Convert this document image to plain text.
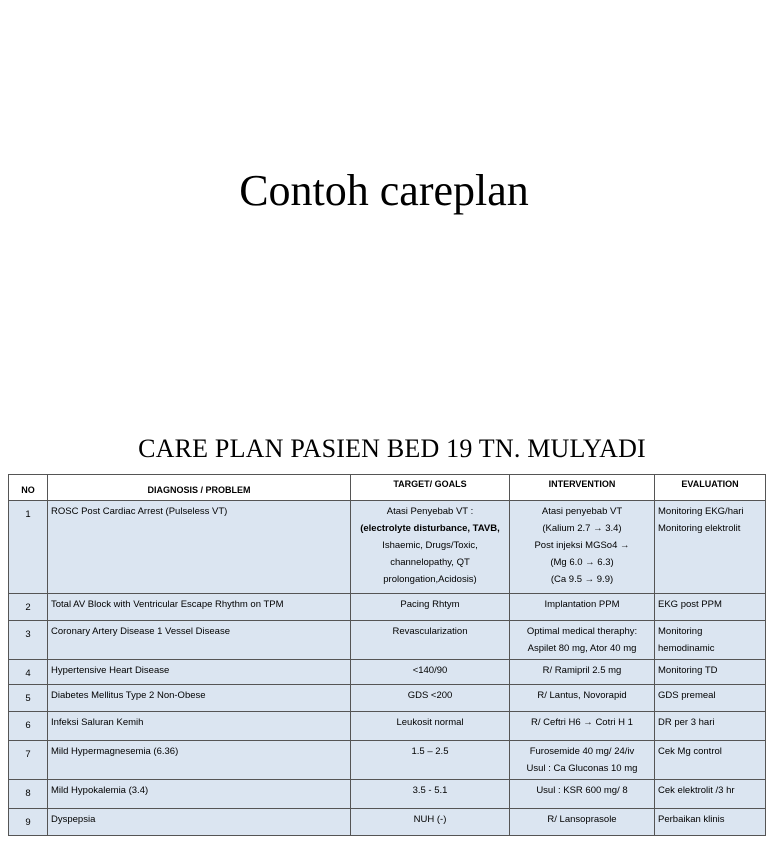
Contoh careplan
CARE PLAN PASIEN BED 19 TN. MULYADI
NO	DIAGNOSIS / PROBLEM	TARGET/ GOALS	INTERVENTION	EVALUATION
1	ROSC Post Cardiac Arrest (Pulseless VT)	Atasi Penyebab VT :
(electrolyte disturbance, TAVB,
Ishaemic, Drugs/Toxic,
channelopathy, QT
prolongation,Acidosis)	Atasi penyebab VT
(Kalium 2.7 → 3.4)
Post injeksi MGSo4 →
(Mg 6.0 → 6.3)
(Ca 9.5 → 9.9)	Monitoring EKG/hari
Monitoring elektrolit

2	Total AV Block with Ventricular Escape Rhythm on TPM	Pacing Rhtym	Implantation PPM	EKG post PPM

3	Coronary Artery Disease 1 Vessel Disease	Revascularization	Optimal medical theraphy:
Aspilet 80 mg, Ator 40 mg	Monitoring
hemodinamic

4	Hypertensive Heart Disease	<140/90	R/ Ramipril 2.5 mg	Monitoring TD

5	Diabetes Mellitus Type 2 Non-Obese	GDS <200	R/ Lantus, Novorapid	GDS premeal

6	Infeksi Saluran Kemih	Leukosit normal	R/ Ceftri H6 → Cotri H 1	DR per 3 hari

7	Mild Hypermagnesemia (6.36)	1.5 – 2.5	Furosemide 40 mg/ 24/iv
Usul : Ca Gluconas 10 mg	Cek Mg control

8	Mild Hypokalemia (3.4)	3.5 - 5.1	Usul : KSR 600 mg/ 8	Cek elektrolit /3 hr

9	Dyspepsia	NUH (-)	R/ Lansoprasole	Perbaikan klinis
